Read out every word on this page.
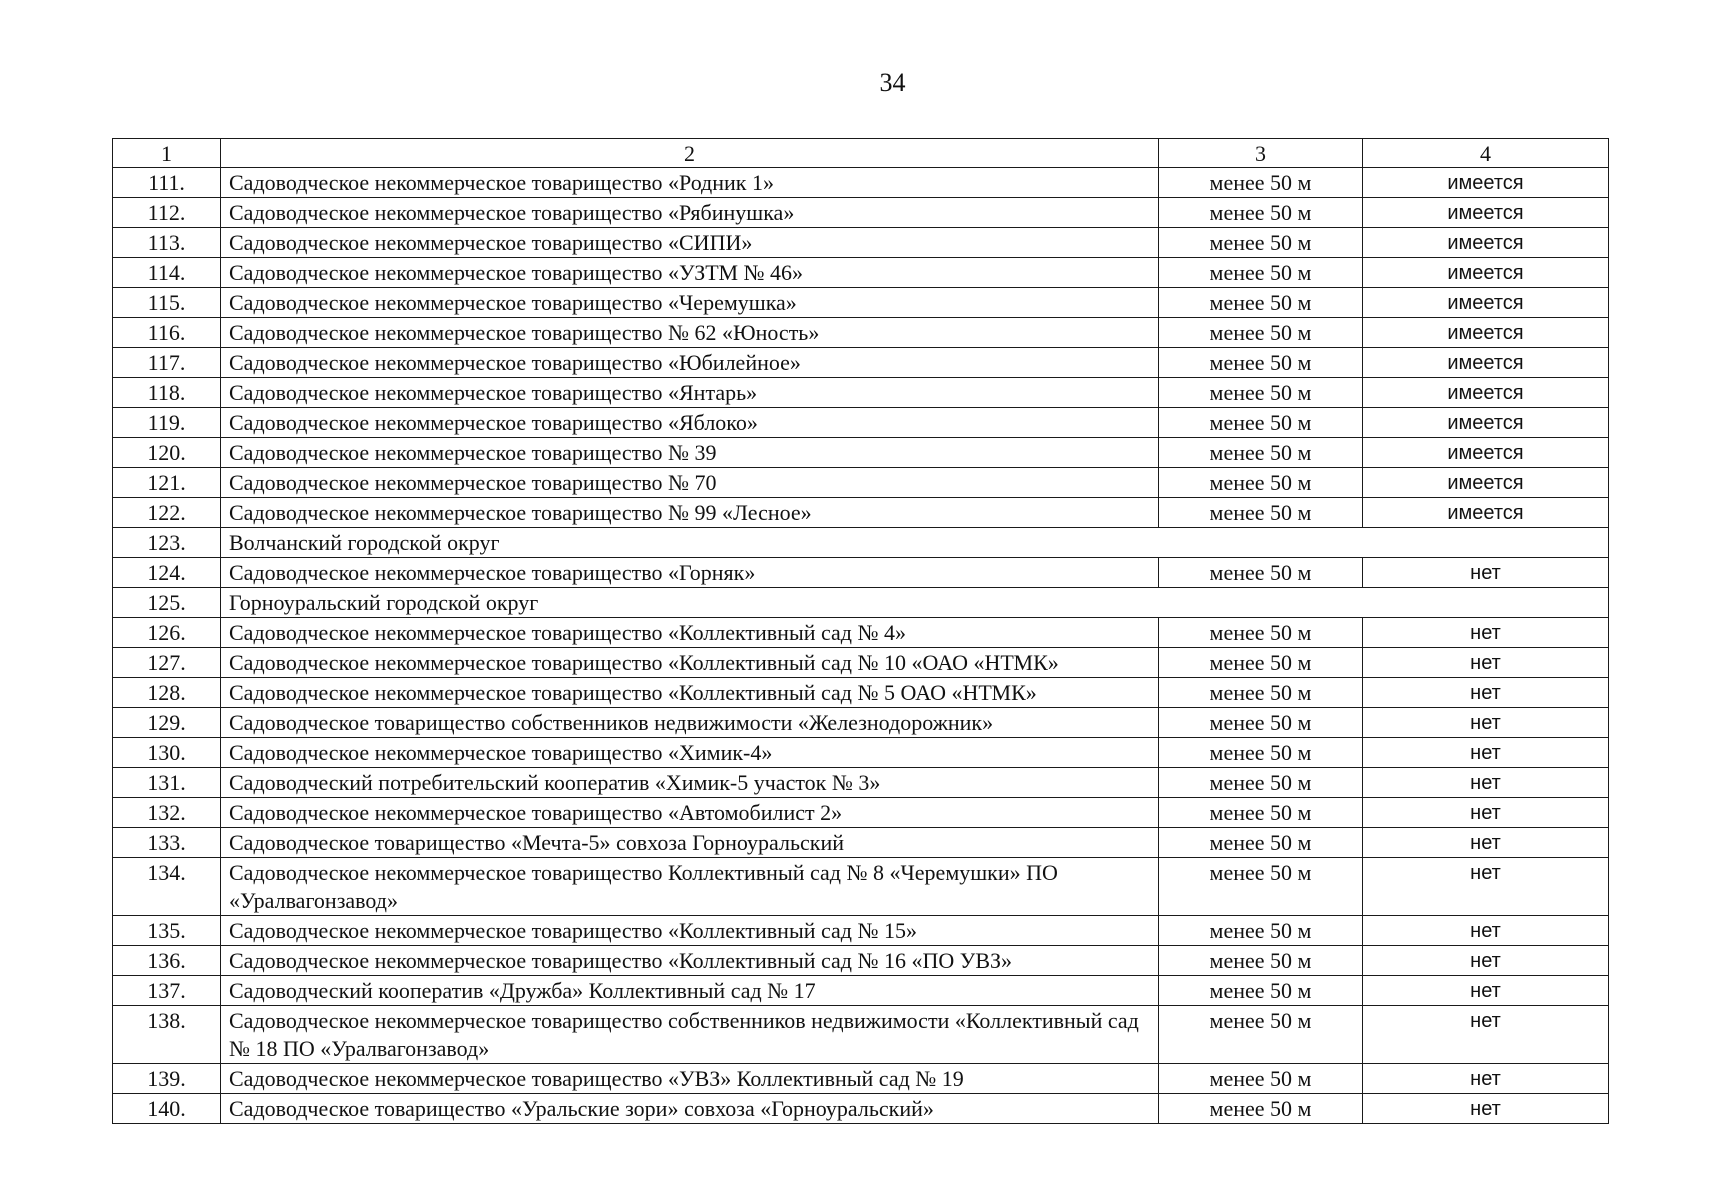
34
1	2	3	4
111.	Садоводческое некоммерческое товарищество «Родник 1»	менее 50 м	имеется
112.	Садоводческое некоммерческое товарищество «Рябинушка»	менее 50 м	имеется
113.	Садоводческое некоммерческое товарищество «СИПИ»	менее 50 м	имеется
114.	Садоводческое некоммерческое товарищество «УЗТМ № 46»	менее 50 м	имеется
115.	Садоводческое некоммерческое товарищество «Черемушка»	менее 50 м	имеется
116.	Садоводческое некоммерческое товарищество № 62 «Юность»	менее 50 м	имеется
117.	Садоводческое некоммерческое товарищество «Юбилейное»	менее 50 м	имеется
118.	Садоводческое некоммерческое товарищество «Янтарь»	менее 50 м	имеется
119.	Садоводческое некоммерческое товарищество «Яблоко»	менее 50 м	имеется
120.	Садоводческое некоммерческое товарищество № 39	менее 50 м	имеется
121.	Садоводческое некоммерческое товарищество № 70	менее 50 м	имеется
122.	Садоводческое некоммерческое товарищество № 99 «Лесное»	менее 50 м	имеется
123.	Волчанский городской округ		
124.	Садоводческое некоммерческое товарищество «Горняк»	менее 50 м	нет
125.	Горноуральский городской округ		
126.	Садоводческое некоммерческое товарищество «Коллективный сад № 4»	менее 50 м	нет
127.	Садоводческое некоммерческое товарищество «Коллективный сад № 10 «ОАО «НТМК»	менее 50 м	нет
128.	Садоводческое некоммерческое товарищество «Коллективный сад № 5 ОАО «НТМК»	менее 50 м	нет
129.	Садоводческое товарищество собственников недвижимости «Железнодорожник»	менее 50 м	нет
130.	Садоводческое некоммерческое товарищество «Химик-4»	менее 50 м	нет
131.	Садоводческий потребительский кооператив «Химик-5 участок № 3»	менее 50 м	нет
132.	Садоводческое некоммерческое товарищество «Автомобилист 2»	менее 50 м	нет
133.	Садоводческое товарищество «Мечта-5» совхоза Горноуральский	менее 50 м	нет
134.	Садоводческое некоммерческое товарищество Коллективный сад № 8 «Черемушки» ПО «Уралвагонзавод»	менее 50 м	нет
135.	Садоводческое некоммерческое товарищество «Коллективный сад № 15»	менее 50 м	нет
136.	Садоводческое некоммерческое товарищество «Коллективный сад № 16 «ПО УВЗ»	менее 50 м	нет
137.	Садоводческий кооператив «Дружба» Коллективный сад № 17	менее 50 м	нет
138.	Садоводческое некоммерческое товарищество собственников недвижимости «Коллективный сад № 18 ПО «Уралвагонзавод»	менее 50 м	нет
139.	Садоводческое некоммерческое товарищество «УВЗ» Коллективный сад № 19	менее 50 м	нет
140.	Садоводческое товарищество «Уральские зори» совхоза «Горноуральский»	менее 50 м	нет
